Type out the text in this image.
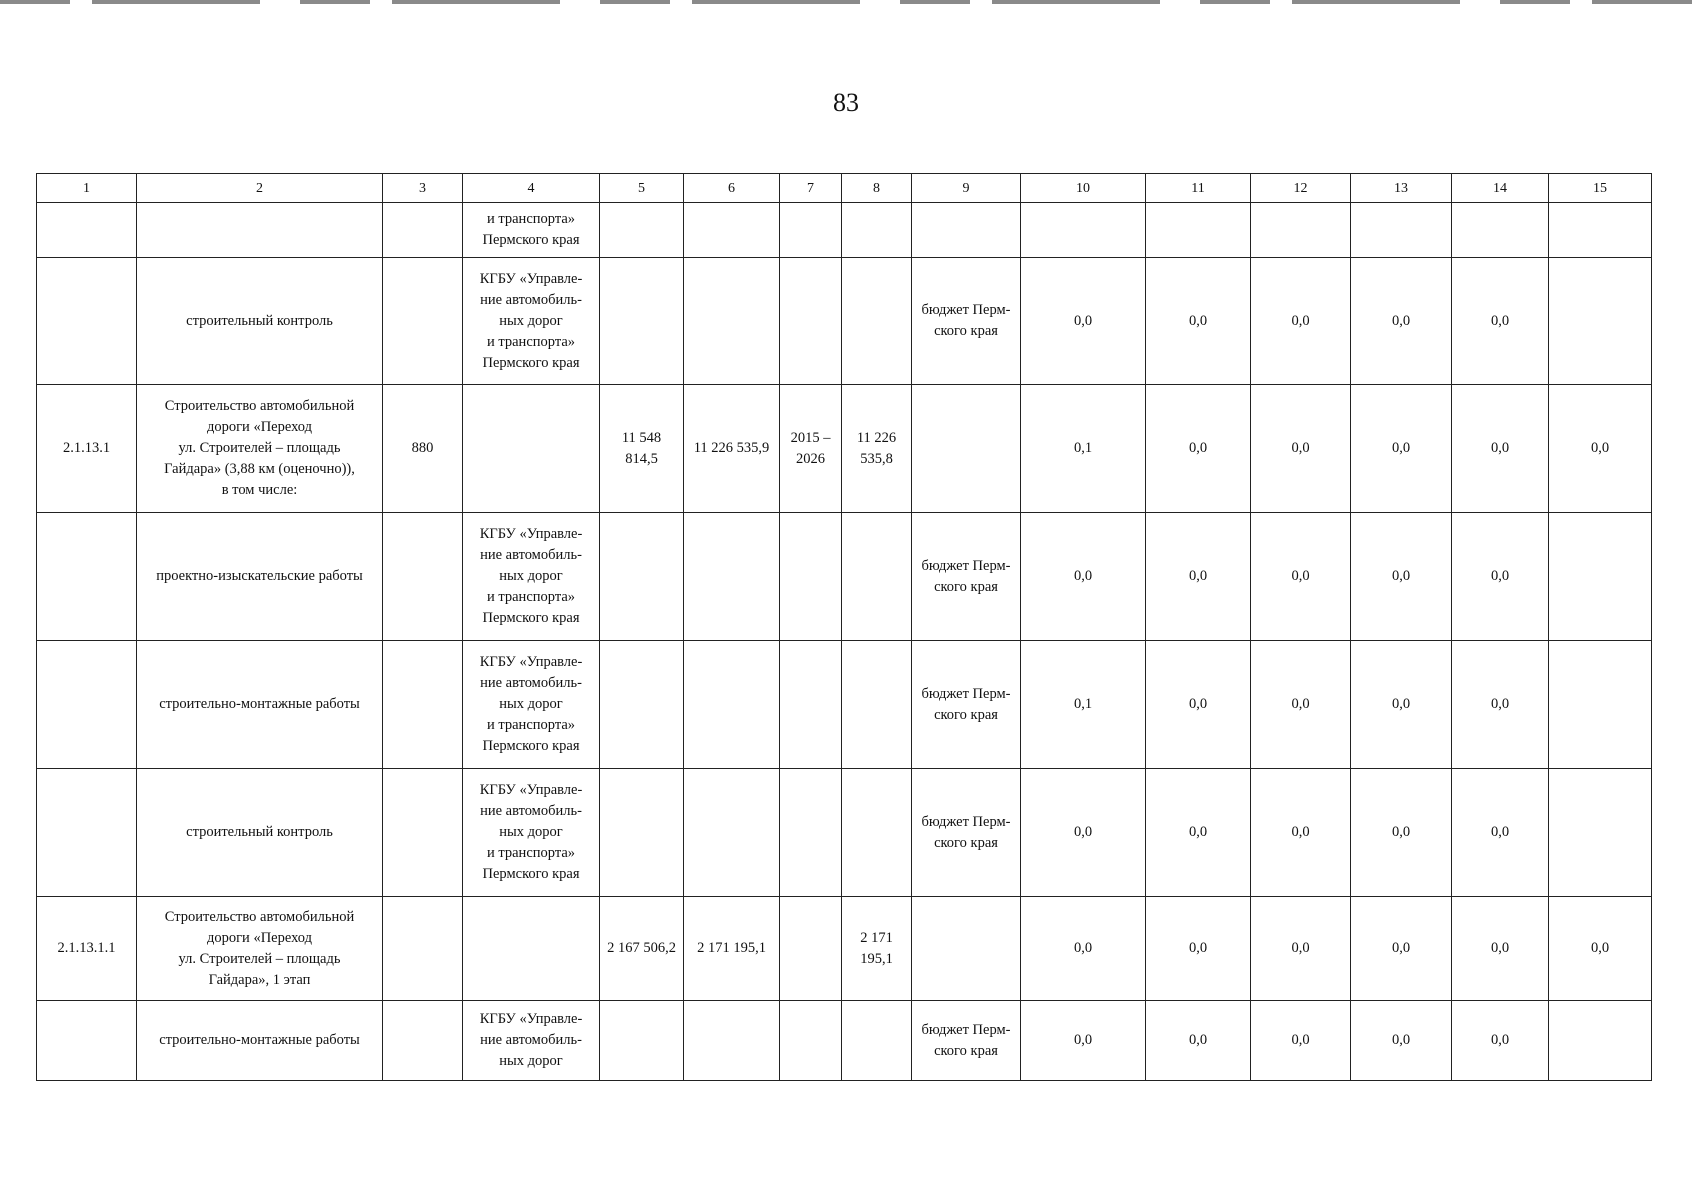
83
1	2	3	4	5	6	7	8	9	10	11	12	13	14	15
			и транспорта»
Пермского края											
	строительный контроль		КГБУ «Управле-
ние автомобиль-
ных дорог
и транспорта»
Пермского края					бюджет Перм-
ского края	0,0	0,0	0,0	0,0	0,0	
2.1.13.1	Строительство автомобильной
дороги «Переход
ул. Строителей – площадь
Гайдара» (3,88 км (оценочно)),
в том числе:	880		11 548
814,5	11 226 535,9	2015 –
2026	11 226
535,8		0,1	0,0	0,0	0,0	0,0	0,0
	проектно-изыскательские работы		КГБУ «Управле-
ние автомобиль-
ных дорог
и транспорта»
Пермского края					бюджет Перм-
ского края	0,0	0,0	0,0	0,0	0,0	
	строительно-монтажные работы		КГБУ «Управле-
ние автомобиль-
ных дорог
и транспорта»
Пермского края					бюджет Перм-
ского края	0,1	0,0	0,0	0,0	0,0	
	строительный контроль		КГБУ «Управле-
ние автомобиль-
ных дорог
и транспорта»
Пермского края					бюджет Перм-
ского края	0,0	0,0	0,0	0,0	0,0	
2.1.13.1.1	Строительство автомобильной
дороги «Переход
ул. Строителей – площадь
Гайдара», 1 этап			2 167 506,2	2 171 195,1		2 171
195,1		0,0	0,0	0,0	0,0	0,0	0,0
	строительно-монтажные работы		КГБУ «Управле-
ние автомобиль-
ных дорог					бюджет Перм-
ского края	0,0	0,0	0,0	0,0	0,0	
